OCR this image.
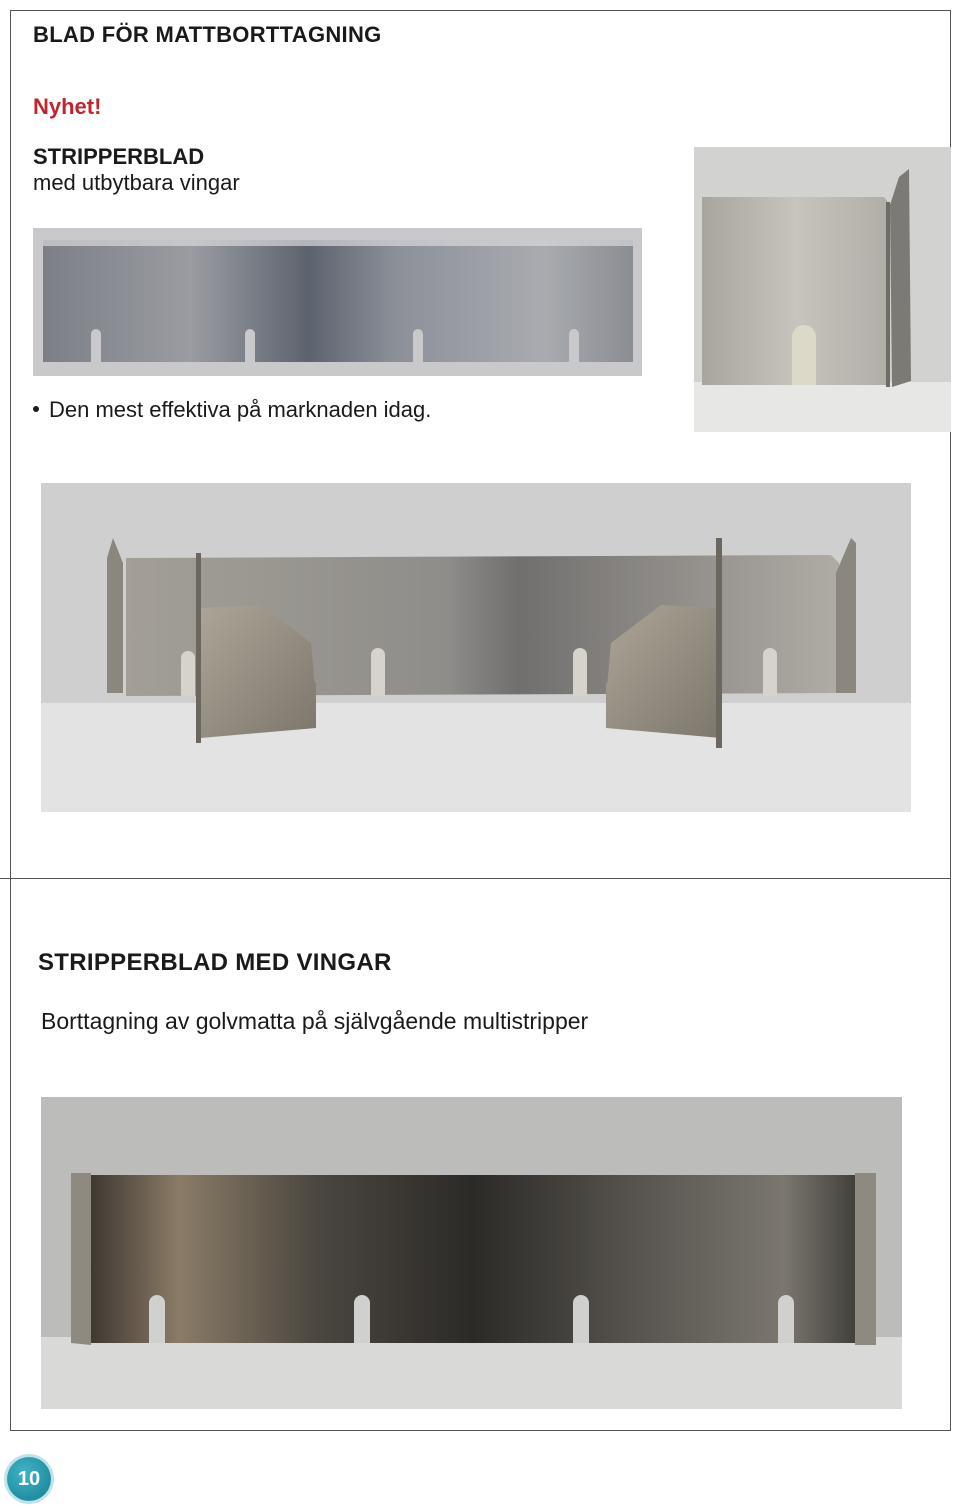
BLAD FÖR MATTBORTTAGNING
Nyhet!
STRIPPERBLAD
med utbytbara vingar
Den mest effektiva på marknaden idag.
STRIPPERBLAD MED VINGAR
Borttagning av golvmatta på självgående multistripper
10
